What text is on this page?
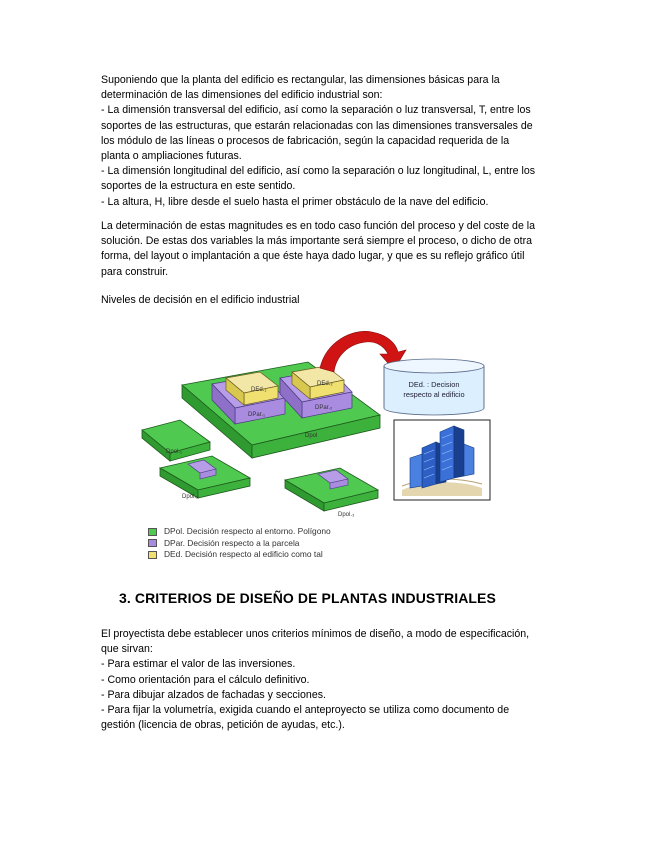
Suponiendo que la planta del edificio es rectangular, las dimensiones básicas para la
determinación de las dimensiones del edificio industrial son:
- La dimensión transversal del edificio, así como la separación o luz transversal, T, entre los
soportes de las estructuras, que estarán relacionadas con las dimensiones transversales de
los módulo de las líneas o procesos de fabricación, según la capacidad requerida de la
planta o ampliaciones futuras.
- La dimensión longitudinal del edificio, así como la separación o luz longitudinal, L, entre los
soportes de la estructura en este sentido.
- La altura, H, libre desde el suelo hasta el primer obstáculo de la nave del edificio.
La determinación de estas magnitudes es en todo caso función del proceso y del coste de la
solución. De estas dos variables la más importante será siempre el proceso, o dicho de otra
forma, del layout o implantación a que éste haya dado lugar, y que es su reflejo gráfico útil
para construir.
Niveles de decisión en el edificio industrial
DEd.₁
DEd.₂
DPar.₁
DPar.₂
Dpol
Dpol.₁
Dpol.₂
Dpol.₃
DEd. : Decision
respecto al edificio
DPol. Decisión respecto al entorno. Polígono
DPar. Decisión respecto a la parcela
DEd. Decisión respecto al edificio como tal
3. CRITERIOS DE DISEÑO DE PLANTAS INDUSTRIALES
El proyectista debe establecer unos criterios mínimos de diseño, a modo de especificación,
que sirvan:
- Para estimar el valor de las inversiones.
- Como orientación para el cálculo definitivo.
- Para dibujar alzados de fachadas y secciones.
- Para fijar la volumetría, exigida cuando el anteproyecto se utiliza como documento de
gestión (licencia de obras, petición de ayudas, etc.).
